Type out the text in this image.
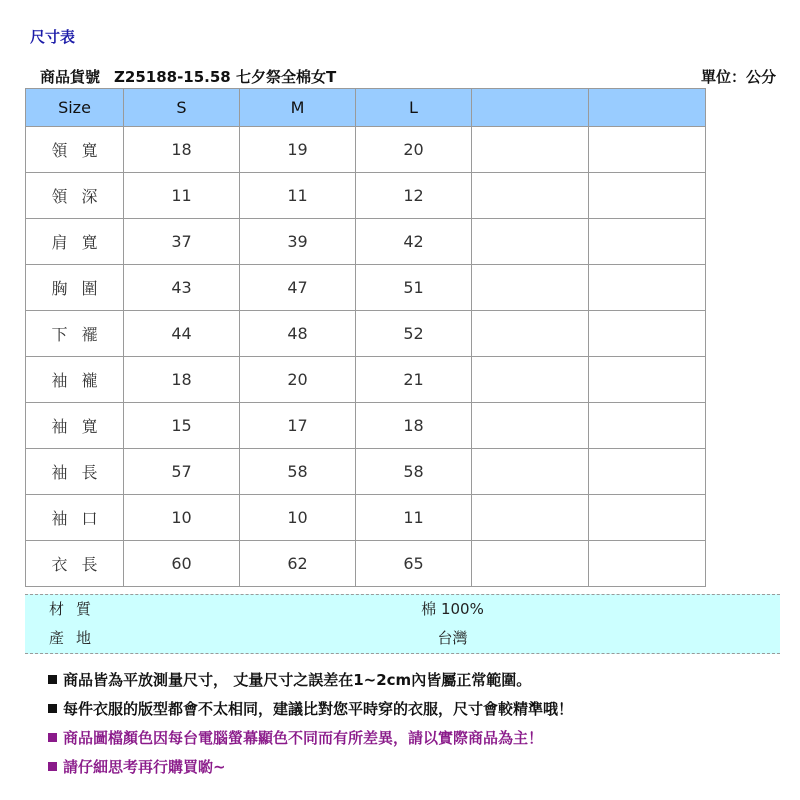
尺寸表
商品貨號 Z25188-15.58 七夕祭全棉女T	單位：公分
Size	S	M	L		
領寬	18	19	20		
領深	11	11	12		
肩寬	37	39	42		
胸圍	43	47	51		
下襬	44	48	52		
袖襱	18	20	21		
袖寬	15	17	18		
袖長	57	58	58		
袖口	10	10	11		
衣長	60	62	65		
材質	棉 100%
產地	台灣
商品皆為平放測量尺寸， 丈量尺寸之誤差在1~2cm內皆屬正常範圍。
每件衣服的版型都會不太相同，建議比對您平時穿的衣服，尺寸會較精準哦！
商品圖檔顏色因每台電腦螢幕顯色不同而有所差異，請以實際商品為主！
請仔細思考再行購買喲~
